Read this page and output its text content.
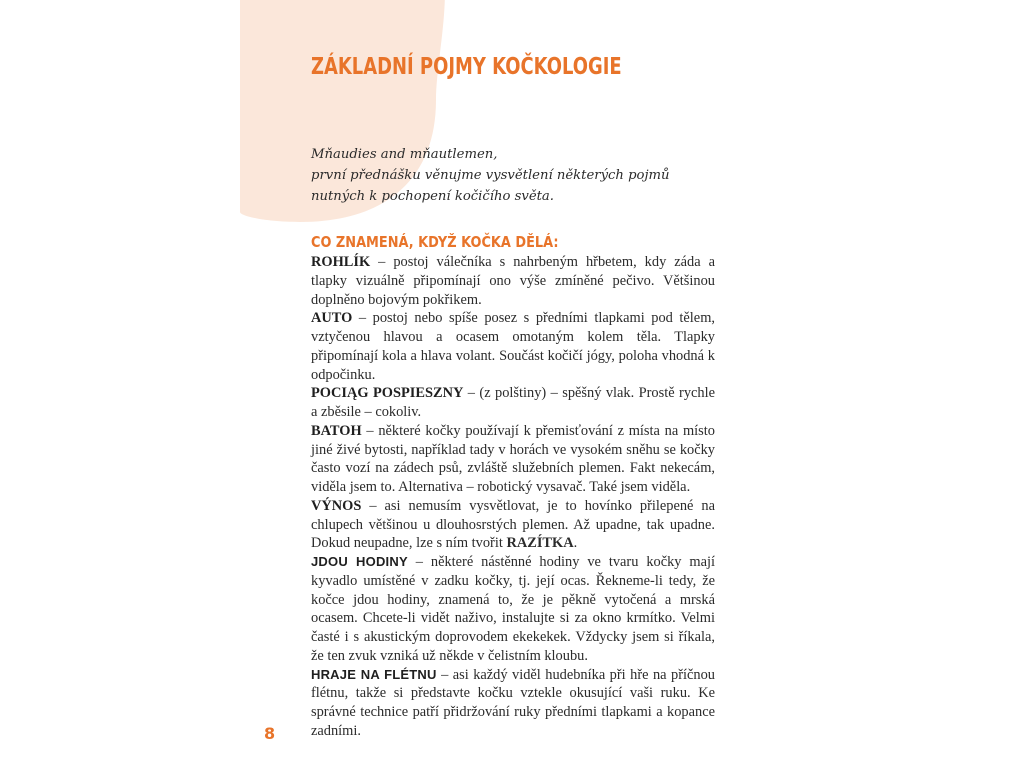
ZÁKLADNÍ POJMY KOČKOLOGIE

Mňaudies and mňautlemen,

první přednášku věnujme vysvětlení některých pojmů nutných k pochopení kočičího světa.

CO ZNAMENÁ, KDYŽ KOČKA DĚLÁ:

ROHLÍK – postoj válečníka s nahrbeným hřbetem, kdy záda a tlapky vizuálně připomínají ono výše zmíněné pečivo. Většinou doplněno bojovým pokřikem.

AUTO – postoj nebo spíše posez s předními tlapkami pod tělem, vztyčenou hlavou a ocasem omotaným kolem těla. Tlapky připomínají kola a hlava volant. Součást kočičí jógy, poloha vhodná k odpočinku.

POCIĄG POSPIESZNY – (z polštiny) – spěšný vlak. Prostě rychle a zběsile – cokoliv.

BATOH – některé kočky používají k přemisťování z místa na místo jiné živé bytosti, například tady v horách ve vysokém sněhu se kočky často vozí na zádech psů, zvláště služebních plemen. Fakt nekecám, viděla jsem to. Alternativa – robotický vysavač. Také jsem viděla.

VÝNOS – asi nemusím vysvětlovat, je to hovínko přilepené na chlupech většinou u dlouhosrstých plemen. Až upadne, tak upadne. Dokud neupadne, lze s ním tvořit RAZÍTKA.

JDOU HODINY – některé nástěnné hodiny ve tvaru kočky mají kyvadlo umístěné v zadku kočky, tj. její ocas. Řekneme-li tedy, že kočce jdou hodiny, znamená to, že je pěkně vytočená a mrská ocasem. Chcete-li vidět naživo, instalujte si za okno krmítko. Velmi časté i s akustickým doprovodem ekekekek. Vždycky jsem si říkala, že ten zvuk vzniká už někde v čelistním kloubu.

HRAJE NA FLÉTNU – asi každý viděl hudebníka při hře na příčnou flétnu, takže si představte kočku vztekle okusující vaši ruku. Ke správné technice patří přidržování ruky předními tlapkami a kopance zadními.

8
